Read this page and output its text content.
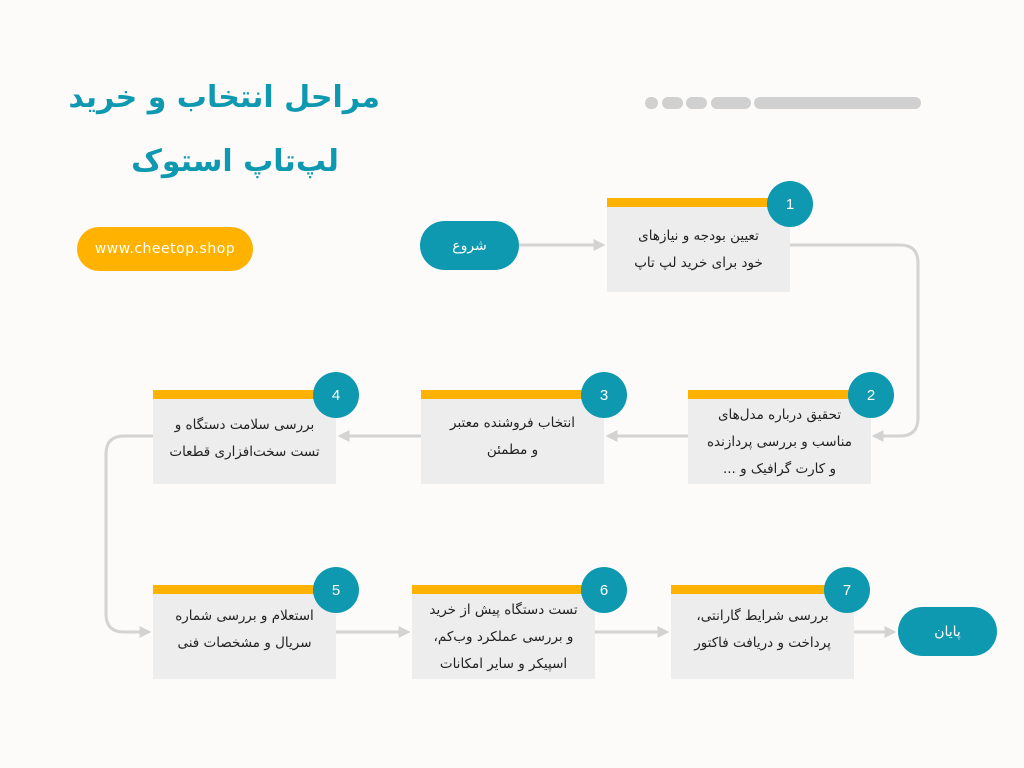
مراحل انتخاب و خرید
لپ‌تاپ استوک
www.cheetop.shop	شروع
پایان
تعیین بودجه و نیازهای
خود برای خرید لپ تاپ
1
تحقیق درباره مدل‌های
مناسب و بررسی پردازنده
و کارت گرافیک و ...
2
انتخاب فروشنده معتبر
و مطمئن
3
بررسی سلامت دستگاه و
تست سخت‌افزاری قطعات
4
استعلام و بررسی شماره
سریال و مشخصات فنی
5
تست دستگاه پیش از خرید
و بررسی عملکرد وب‌کم،
اسپیکر و سایر امکانات
6
بررسی شرایط گارانتی،
پرداخت و دریافت فاکتور
7
